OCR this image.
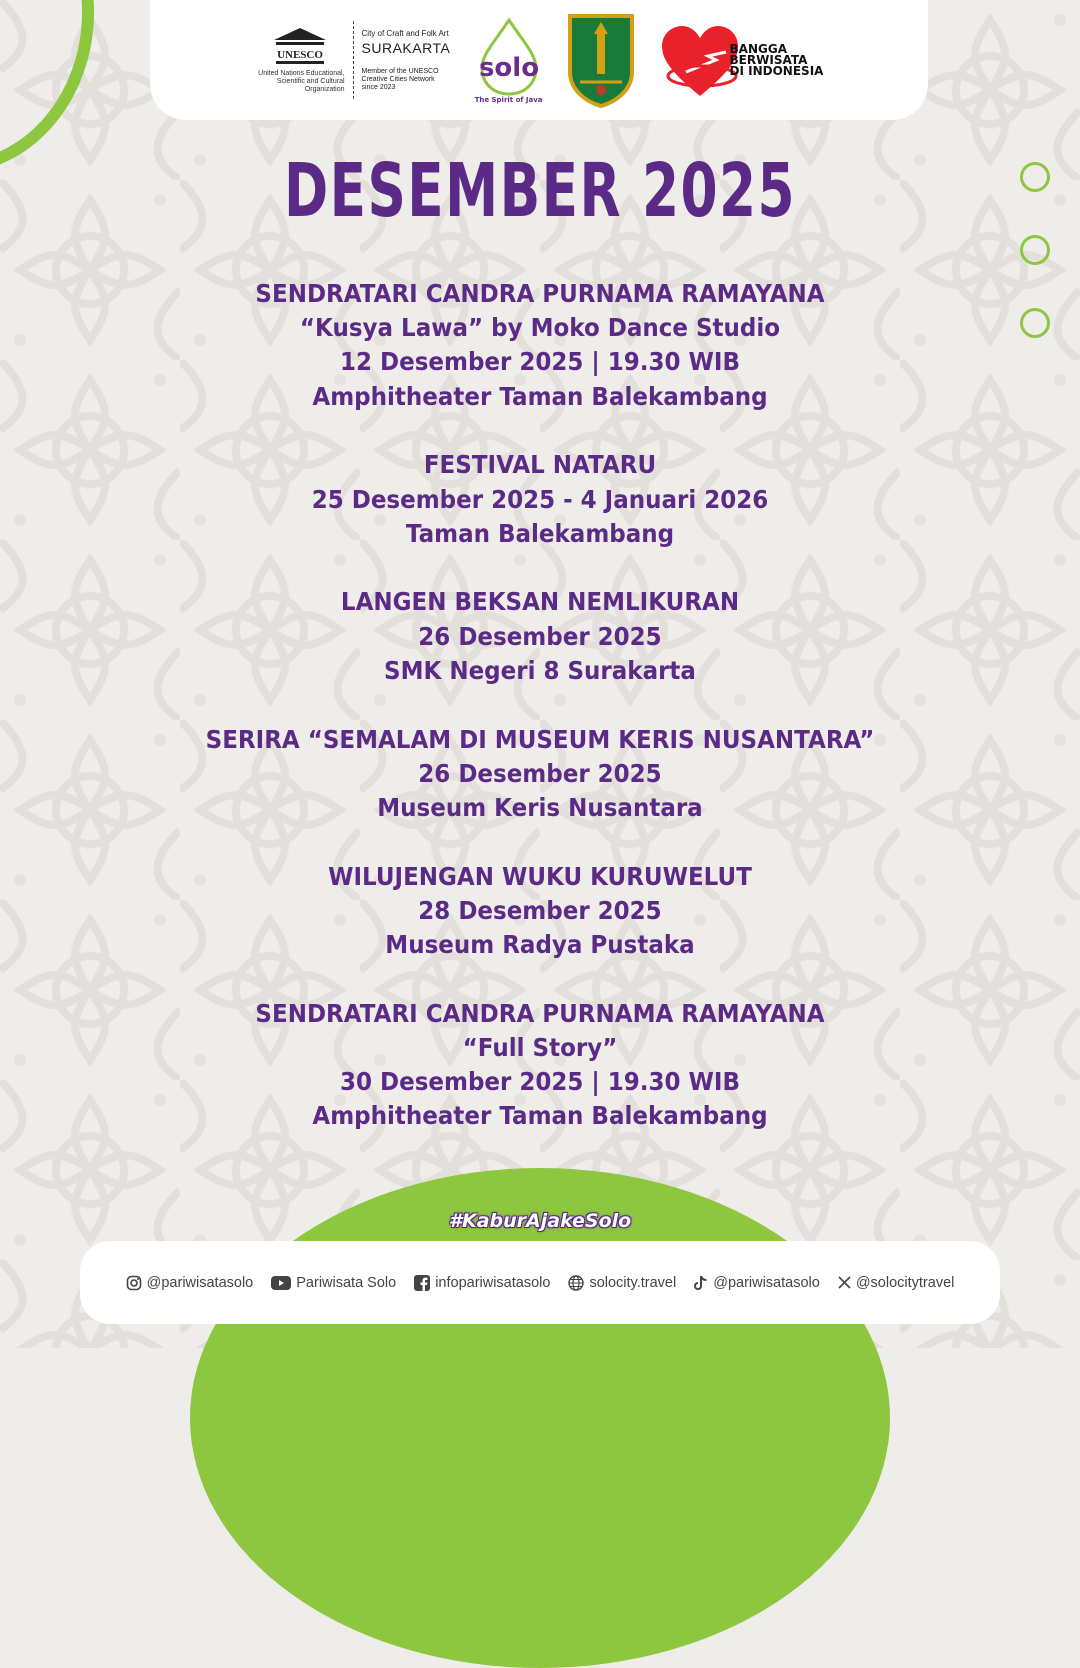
UNESCO
United Nations Educational, Scientific and Cultural Organization
City of Craft and Folk Art
SURAKARTA
Member of the UNESCO Creative Cities Network since 2023
solo
The Spirit of Java
BANGGA
BERWISATA
DI INDONESIA
DESEMBER 2025
SENDRATARI CANDRA PURNAMA RAMAYANA
“Kusya Lawa” by Moko Dance Studio
12 Desember 2025 | 19.30 WIB
Amphitheater Taman Balekambang
FESTIVAL NATARU
25 Desember 2025 - 4 Januari 2026
Taman Balekambang
LANGEN BEKSAN NEMLIKURAN
26 Desember 2025
SMK Negeri 8 Surakarta
SERIRA “SEMALAM DI MUSEUM KERIS NUSANTARA”
26 Desember 2025
Museum Keris Nusantara
WILUJENGAN WUKU KURUWELUT
28 Desember 2025
Museum Radya Pustaka
SENDRATARI CANDRA PURNAMA RAMAYANA
“Full Story”
30 Desember 2025 | 19.30 WIB
Amphitheater Taman Balekambang
#KaburAjakeSolo
@pariwisatasolo	Pariwisata Solo	infopariwisatasolo	solocity.travel	@pariwisatasolo @solocitytravel
